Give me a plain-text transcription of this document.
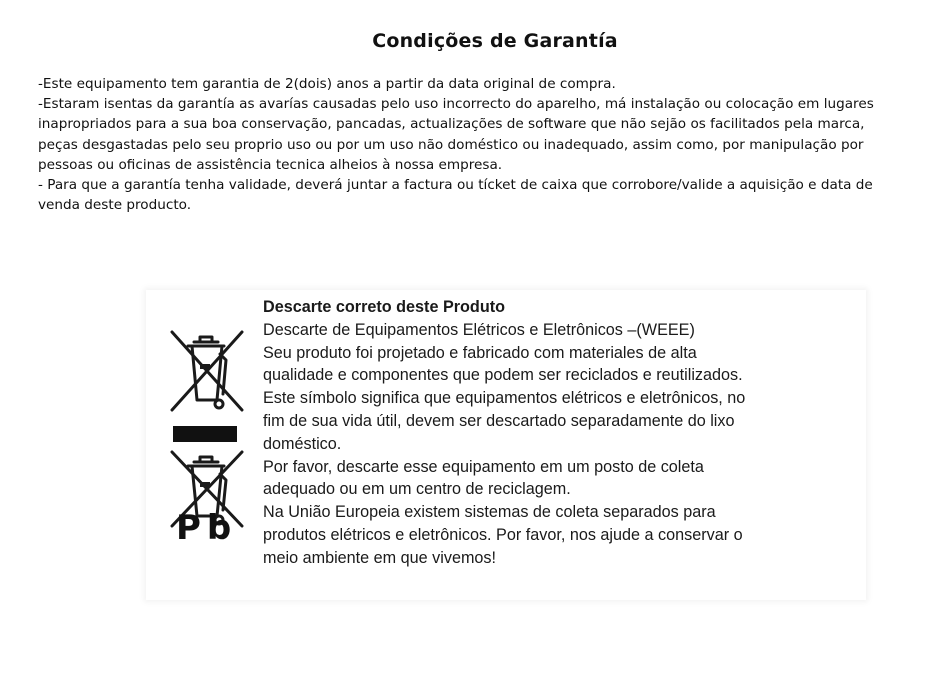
Condições de Garantía
-Este equipamento tem garantia de 2(dois) anos a partir da data original de compra.
-Estaram isentas da garantía as avarías causadas pelo uso incorrecto do aparelho, má instalação ou colocação em lugares
inapropriados para a sua boa conservação, pancadas, actualizações de software que não sejão os facilitados pela marca,
peças desgastadas pelo seu proprio uso ou por um uso não doméstico ou inadequado, assim como, por manipulação por
pessoas ou oficinas de assistência tecnica alheios à nossa empresa.
- Para que a garantía tenha validade, deverá juntar a factura ou tícket de caixa que corrobore/valide a aquisição e data de
venda deste producto.
Pb
Descarte correto deste Produto
Descarte de Equipamentos Elétricos e Eletrônicos –(WEEE)
Seu produto foi projetado e fabricado com materiales de alta
qualidade e componentes que podem ser reciclados e reutilizados.
Este símbolo significa que equipamentos elétricos e eletrônicos, no
fim de sua vida útil, devem ser descartado separadamente do lixo
doméstico.
Por favor, descarte esse equipamento em um posto de coleta
adequado ou em um centro de reciclagem.
Na União Europeia existem sistemas de coleta separados para
produtos elétricos e eletrônicos. Por favor, nos ajude a conservar o
meio ambiente em que vivemos!
